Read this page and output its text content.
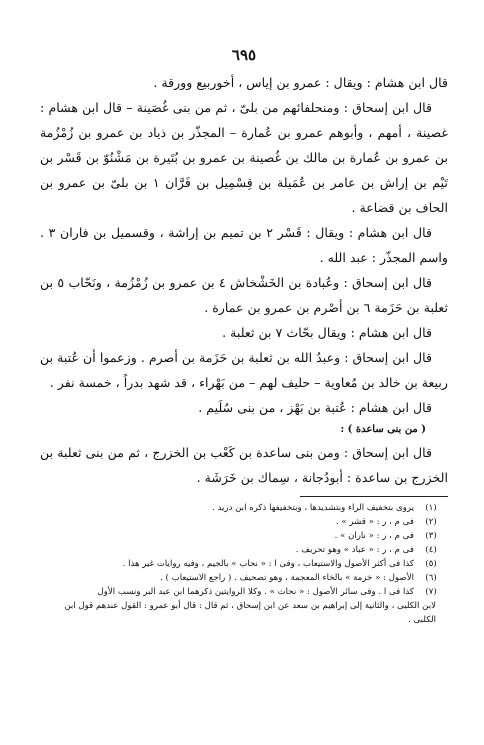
٦٩٥

قال ابن هشام : ويقال : عمرو بن إياس ، أخوربيع وورقة .

قال ابن إسحاق : ومنحلفائهم من بلىّ ، ثم من بنى غُصَينة – قال ابن هشام : غصينة ، أمهم ، وأبوهم عمرو بن عُمارة – المجذّر بن ذياد بن عمرو بن زُمْزُمة بن عمرو بن عُمارة بن مالك بن غُصينة بن عمرو بن بُتَيرة بن مَشْنُوّ بن قَسْر بن تَيْم بن إراش بن عامر بن عُمَيلة بن قِسْمِيل بن فَرَّان ١ بن بلىّ بن عمرو بن الحاف بن قضاعة .

قال ابن هشام : ويقال : قَسْر ٢ بن تميم بن إراشة ، وقسميل بن فاران ٣ . واسم المجذّر : عبد الله .

قال ابن إسحاق : وعُبادة بن الخَشْخاش ٤ بن عمرو بن زُمْزُمة ، ونَحّاب ٥ بن ثعلبة بن حَزَمة ٦ بن أصْرم بن عمرو بن عمارة .

قال ابن هشام : ويقال بحّاث ٧ بن ثعلبة .

قال ابن إسحاق : وعبدُ الله بن ثعلبة بن حَزَمة بن أصرم . وزعموا أن عُتبة بن ربيعة بن خالد بن مُعاوية – حليف لهم – من بَهْراء ، قد شهد بدراً ، خمسة نفر .

قال ابن هشام : عُتبة بن بَهْز ، من بنى سُلَيم .

( من بنى ساعدة ) :

قال ابن إسحاق : ومن بنى ساعدة بن كَعْب بن الخزرج ، ثم من بنى ثعلبة بن الخزرج بن ساعدة : أبودُجانة ، سِماك بن خَرَشَة .

(١)
يروى بتخفيف الراء وبتشديدها ، وبتخفيفها ذكره ابن دريد .
(٢)
فى م ، ر : « قشر » .
(٣)
فى م ، ر : « ناران » .
(٤)
فى م ، ر : « عباد » وهو تحريف .
(٥)
كذا فى أكثر الأصول والاستيعاب ، وفى ا : « نحاب » بالجيم ، وفيه روايات غير هذا .
(٦)
الأصول : « خزمة » بالخاء المعجمة ، وهو تصحيف . ( راجع الاستيعاب ) .
(٧)
كذا فى ا . وفى سائر الأصول : « نحاث » . وكلا الروايتين ذكرهما ابن عبد البر ونسب الأول
لابن الكلبى ، والثانية إلى إبراهيم بن سعد عن ابن إسحاق ، ثم قال : قال أبو عمرو : القول عندهم قول ابن الكلبى .
